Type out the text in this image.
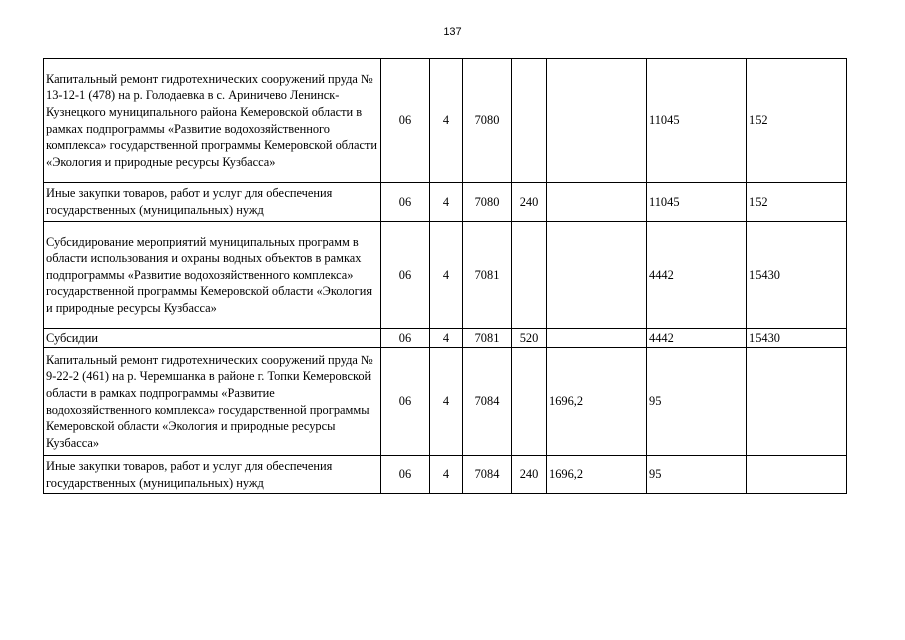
137
Капитальный ремонт гидротехнических сооружений пруда № 13-12-1 (478) на р. Голодаевка в с. Ариничево Ленинск-Кузнецкого муниципального района Кемеровской области в рамках подпрограммы «Развитие водохозяйственного комплекса» государственной программы Кемеровской области «Экология и природные ресурсы Кузбасса»	06	4	7080			11045	152
Иные закупки товаров, работ и услуг для обеспечения государственных (муниципальных) нужд	06	4	7080	240		11045	152
Субсидирование мероприятий муниципальных программ в области использования и охраны водных объектов в рамках подпрограммы «Развитие водохозяйственного комплекса» государственной программы Кемеровской области «Экология и природные ресурсы Кузбасса»	06	4	7081			4442	15430
Субсидии	06	4	7081	520		4442	15430
Капитальный ремонт гидротехнических сооружений пруда № 9-22-2 (461) на р. Черемшанка в районе г. Топки Кемеровской области в рамках подпрограммы «Развитие водохозяйственного комплекса» государственной программы Кемеровской области «Экология и природные ресурсы Кузбасса»	06	4	7084		1696,2	95	
Иные закупки товаров, работ и услуг для обеспечения государственных (муниципальных) нужд	06	4	7084	240	1696,2	95	
